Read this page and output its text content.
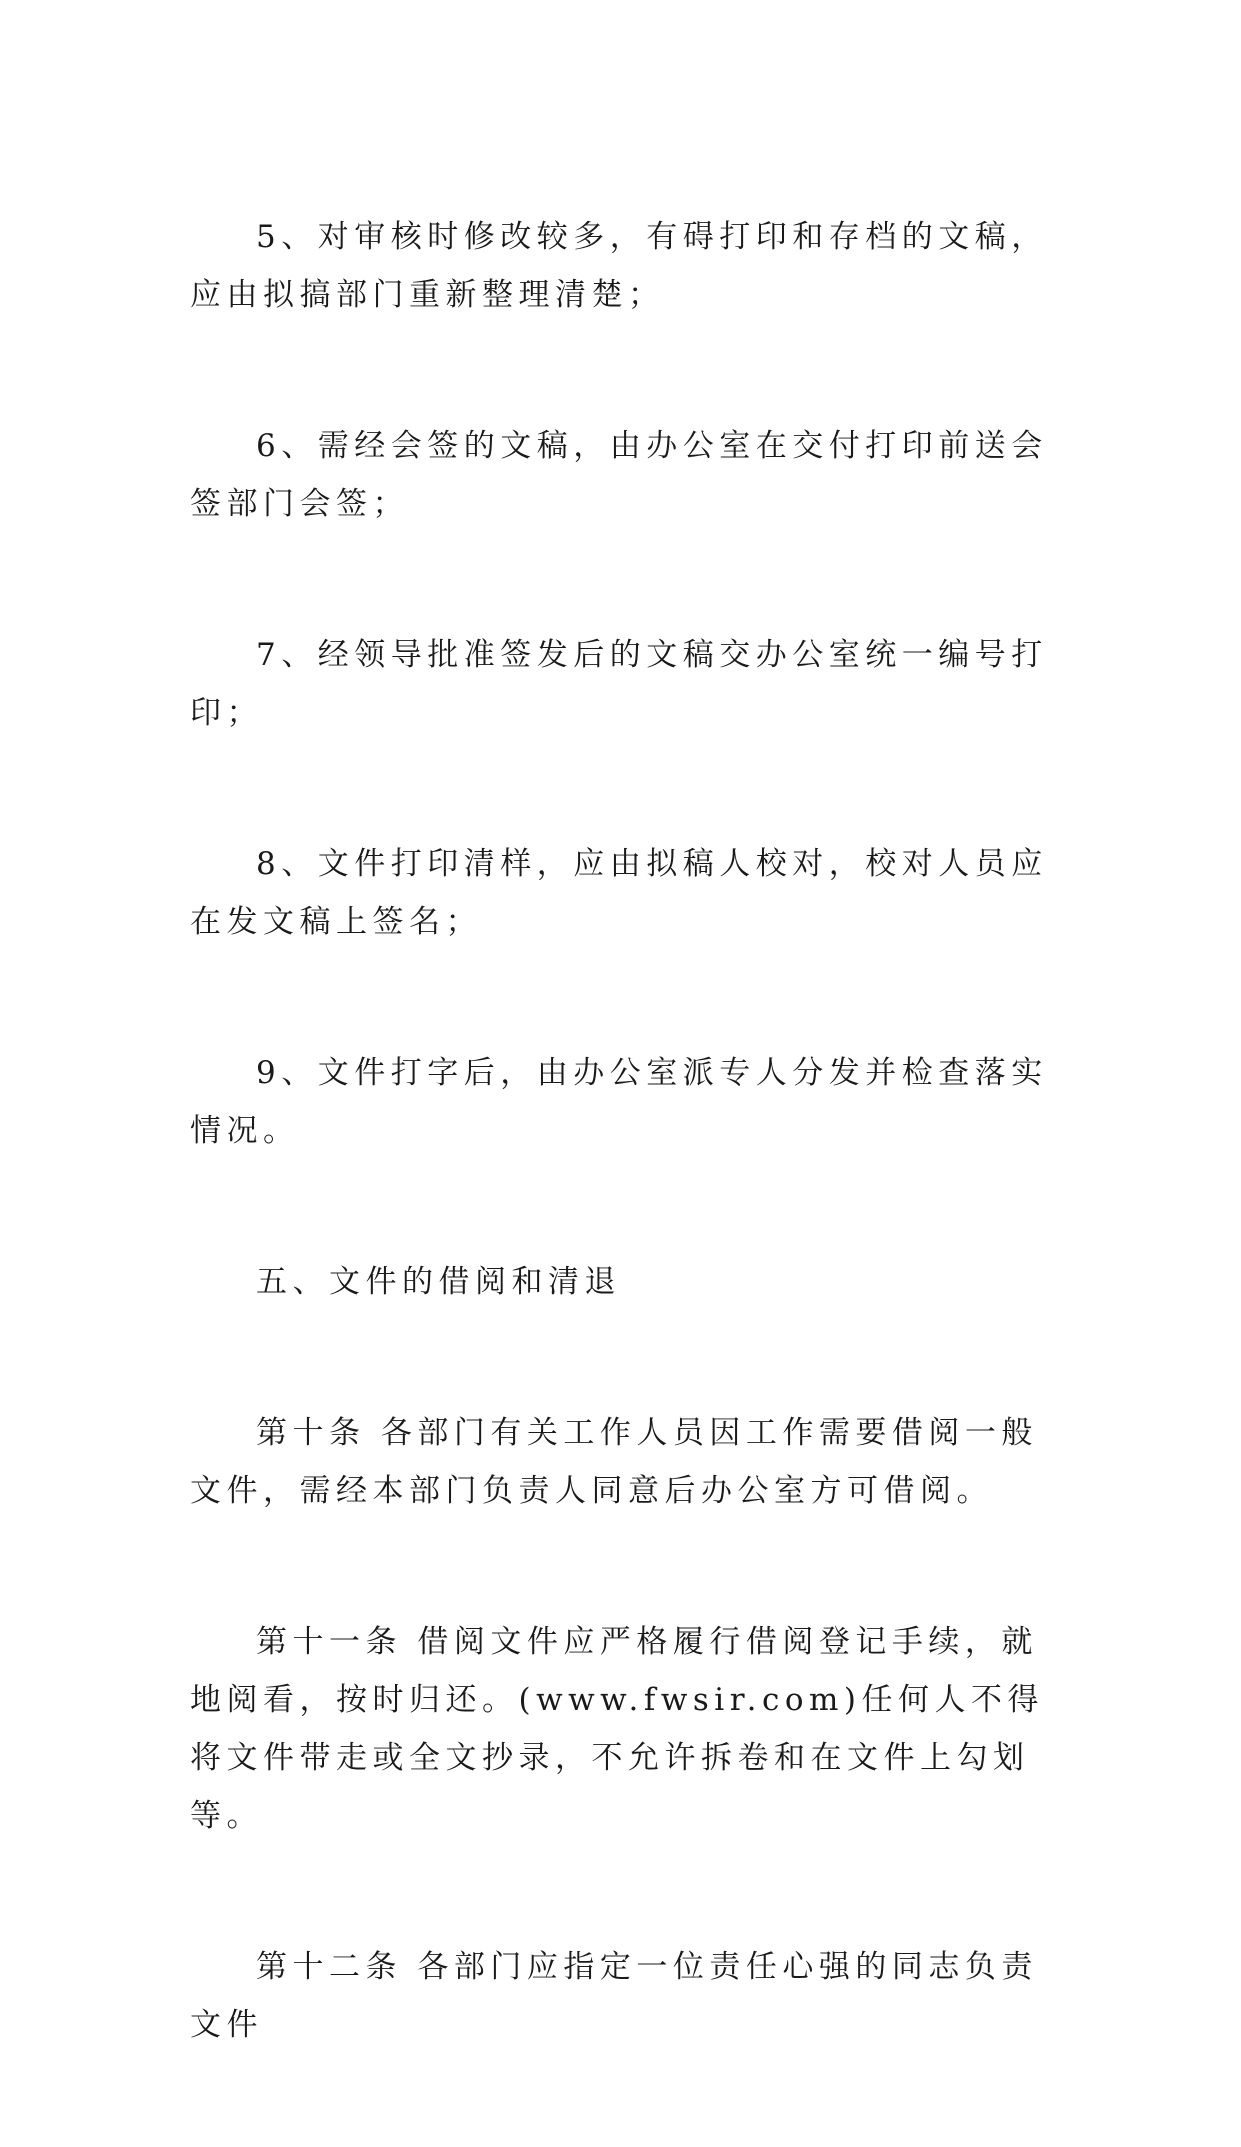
5、对审核时修改较多，有碍打印和存档的文稿，应由拟搞部门重新整理清楚；

6、需经会签的文稿，由办公室在交付打印前送会签部门会签；

7、经领导批准签发后的文稿交办公室统一编号打印；

8、文件打印清样，应由拟稿人校对，校对人员应在发文稿上签名；

9、文件打字后，由办公室派专人分发并检查落实情况。

五、文件的借阅和清退

第十条 各部门有关工作人员因工作需要借阅一般文件，需经本部门负责人同意后办公室方可借阅。

第十一条 借阅文件应严格履行借阅登记手续，就地阅看，按时归还。(www.fwsir.com)任何人不得将文件带走或全文抄录，不允许拆卷和在文件上勾划等。

第十二条 各部门应指定一位责任心强的同志负责文件
